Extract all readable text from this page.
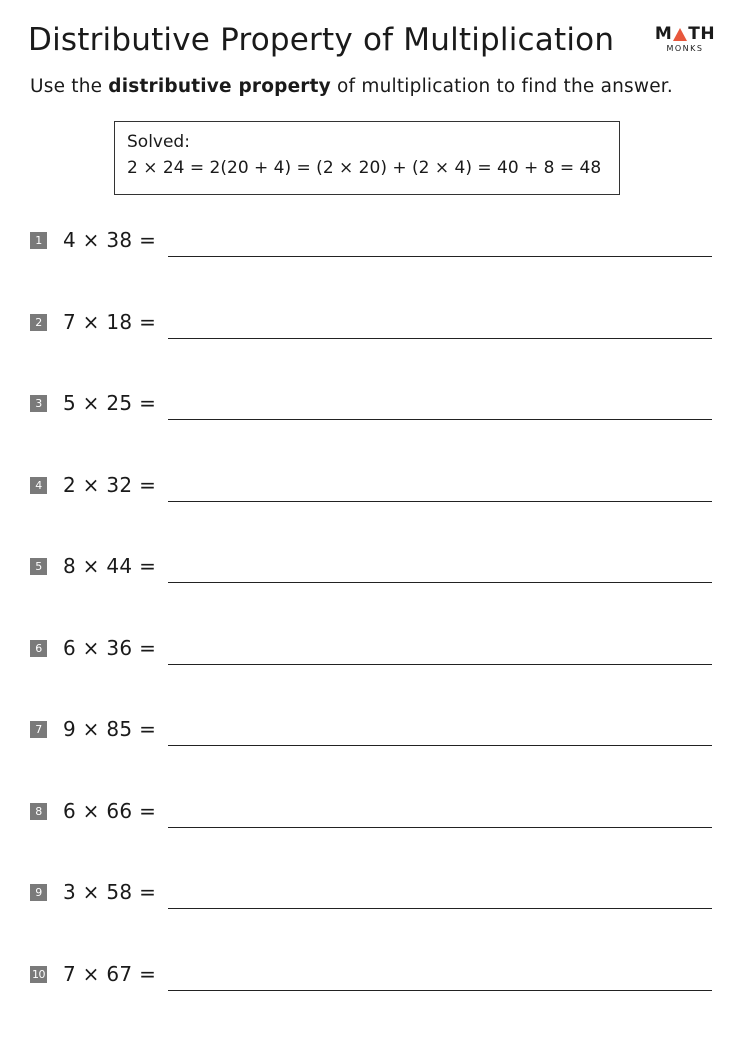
Distributive Property of Multiplication M TH
MONKS
Use the distributive property of multiplication to find the answer.
Solved:
2 × 24 = 2(20 + 4) = (2 × 20) + (2 × 4) = 40 + 8 = 48
1 4 × 38 =
2 7 × 18 =
3 5 × 25 =
4 2 × 32 =
5 8 × 44 =
6 6 × 36 =
7 9 × 85 =
8 6 × 66 =
9 3 × 58 =
10 7 × 67 =
